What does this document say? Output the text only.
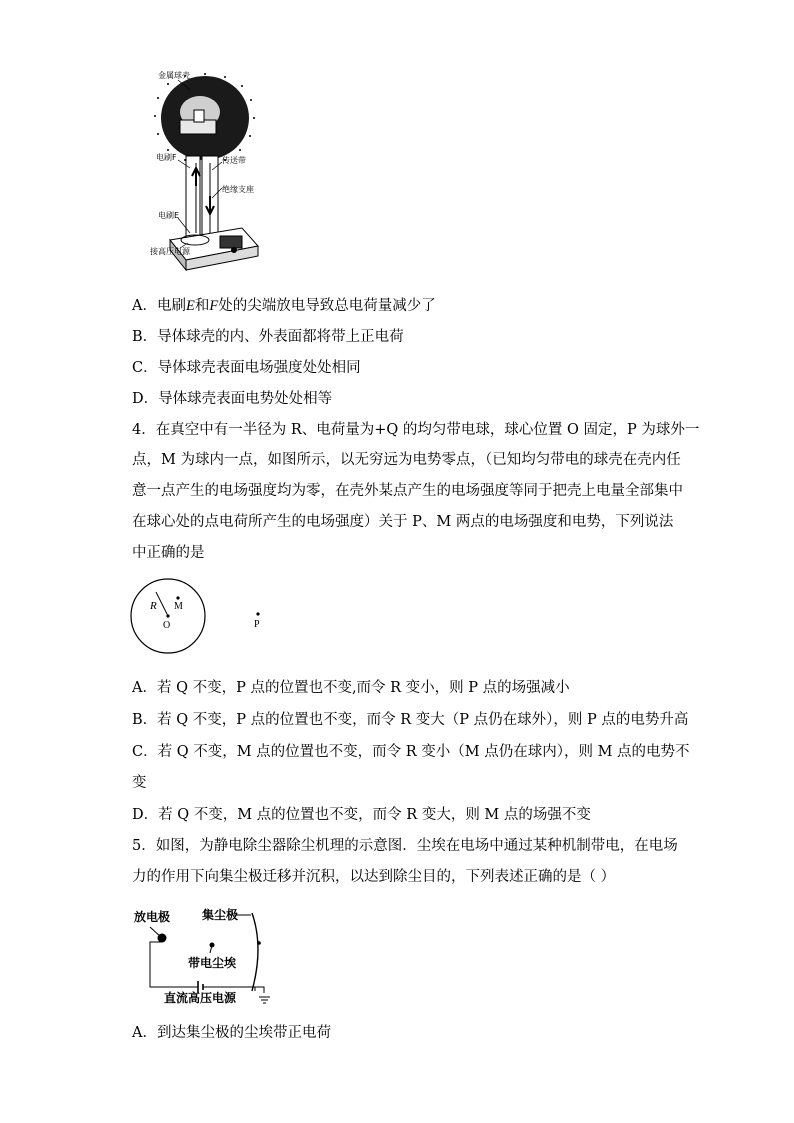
金属球壳
电刷F	传送带
绝缘支座
电刷E
接高压电源
A．电刷E和F处的尖端放电导致总电荷量减少了
B．导体球壳的内、外表面都将带上正电荷
C．导体球壳表面电场强度处处相同
D．导体球壳表面电势处处相等
4．在真空中有一半径为 R、电荷量为+Q 的均匀带电球，球心位置 O 固定，P 为球外一
点，M 为球内一点，如图所示，以无穷远为电势零点，（已知均匀带电的球壳在壳内任
意一点产生的电场强度均为零，在壳外某点产生的电场强度等同于把壳上电量全部集中
在球心处的点电荷所产生的电场强度）关于 P、M 两点的电场强度和电势，下列说法
中正确的是
R M
O	P
A．若 Q 不变，P 点的位置也不变,而令 R 变小，则 P 点的场强减小
B．若 Q 不变，P 点的位置也不变，而令 R 变大（P 点仍在球外），则 P 点的电势升高
C．若 Q 不变，M 点的位置也不变，而令 R 变小（M 点仍在球内），则 M 点的电势不
变
D．若 Q 不变，M 点的位置也不变，而令 R 变大，则 M 点的场强不变
5．如图，为静电除尘器除尘机理的示意图．尘埃在电场中通过某种机制带电，在电场
力的作用下向集尘极迁移并沉积，以达到除尘目的，下列表述正确的是（ ）
放电极	集尘极
带电尘埃
直流高压电源
A．到达集尘极的尘埃带正电荷
